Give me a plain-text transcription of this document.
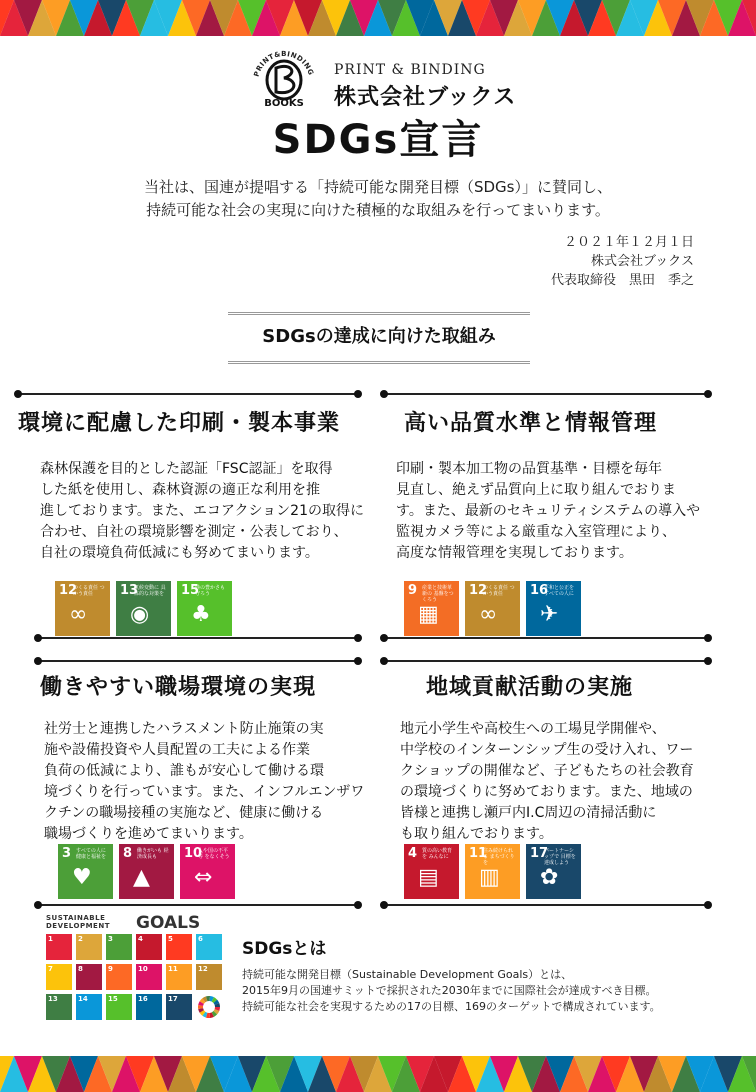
PRINT&BINDING
BOOKS
PRINT & BINDING
株式会社ブックス
SDGs宣言
当社は、国連が提唱する「持続可能な開発目標（SDGs）」に賛同し、
持続可能な社会の実現に向けた積極的な取組みを行ってまいります。
２０２１年１２月１日
株式会社ブックス
代表取締役　黒田　季之
SDGsの達成に向けた取組み
環境に配慮した印刷・製本事業
森林保護を目的とした認証「FSC認証」を取得
した紙を使用し、森林資源の適正な利用を推
進しております。また、エコアクション21の取得に
合わせ、自社の環境影響を測定・公表しており、
自社の環境負荷低減にも努めてまいります。
12
つくる責任 つかう責任
∞
13
気候変動に 具体的な対策を
◉
15
陸の豊かさも 守ろう
♣
高い品質水準と情報管理
印刷・製本加工物の品質基準・目標を毎年
見直し、絶えず品質向上に取り組んでおりま
す。また、最新のセキュリティシステムの導入や
監視カメラ等による厳重な入室管理により、
高度な情報管理を実現しております。
9 産業と技術革新の 基盤をつくろう
▦
12
つくる責任 つかう責任
∞
16
平和と公正を すべての人に
✈
働きやすい職場環境の実現
社労士と連携したハラスメント防止施策の実
施や設備投資や人員配置の工夫による作業
負荷の低減により、誰もが安心して働ける環
境づくりを行っています。また、インフルエンザワ
クチンの職場接種の実施など、健康に働ける
職場づくりを進めてまいります。
3 すべての人に 健康と福祉を
♥
8 働きがいも 経済成長も
▲
10
人や国の不平等 をなくそう
⇔
地域貢献活動の実施
地元小学生や高校生への工場見学開催や、
中学校のインターンシップ生の受け入れ、ワー
クショップの開催など、子どもたちの社会教育
の環境づくりに努めております。また、地域の
皆様と連携し瀬戸内I.C周辺の清掃活動に
も取り組んでおります。
4 質の高い教育を みんなに
▤
11
住み続けられる まちづくりを
▥
17
パートナーシップで 目標を達成しよう
✿
SUSTAINABLE
DEVELOPMENT GOALS
1	2	3	4	5	6
7	8	9	10	11	12
13	14	15	16	17
SDGsとは
持続可能な開発目標（Sustainable Development Goals）とは、
2015年9月の国連サミットで採択された2030年までに国際社会が達成すべき目標。
持続可能な社会を実現するための17の目標、169のターゲットで構成されています。
